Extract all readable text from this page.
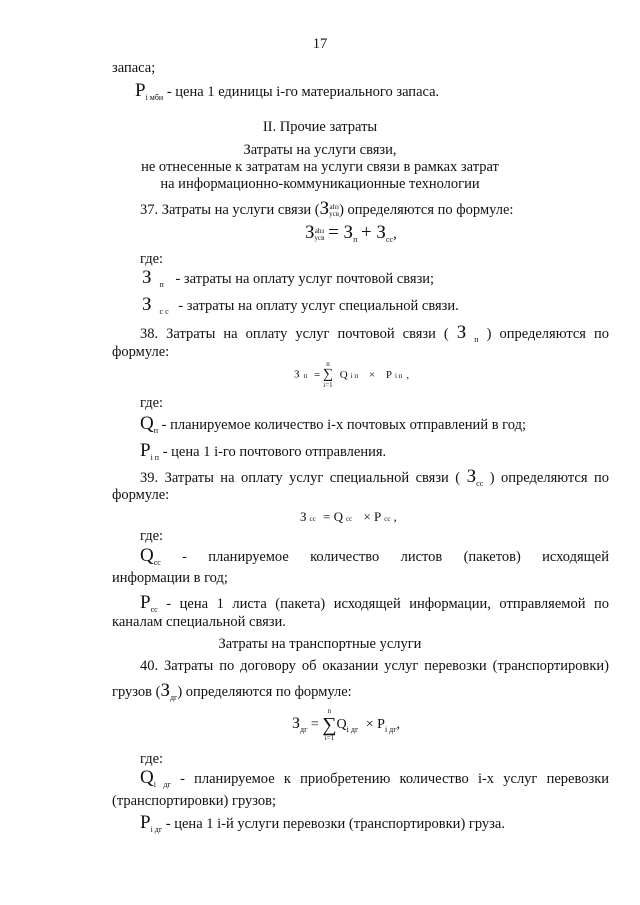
17
запаса;
$P_{i мби}$ - цена 1 единицы i-го материального запаса.
II. Прочие затраты
Затраты на услуги связи,
не отнесенные к затратам на услуги связи в рамках затрат
на информационно-коммуникационные технологии
37. Затраты на услуги связи (З аhз
усв ) определяются по формуле:
З аhз
усв = $З_п + З_{сс}$,
где:
З $_п$ - затраты на оплату услуг почтовой связи;
З $_{с с}$ - затраты на оплату услуг специальной связи.
38. Затраты на оплату услуг почтовой связи ( З $_п$ ) определяются по
формуле:
Зп =
n
∑
i=1
Q i п × P i п ,
где:
$Q_п$ - планируемое количество i-х почтовых отправлений в год;
$P_{i п}$ - цена 1 i-го почтового отправления.
39. Затраты на оплату услуг специальной связи ( $З_{сс}$ ) определяются по
формуле:
Зсс = Q сс × P сс ,
где:
$Q_{сс}$ - планируемое количество листов (пакетов) исходящей
информации в год;
$P_{сс}$ - цена 1 листа (пакета) исходящей информации, отправляемой по
каналам специальной связи.
Затраты на транспортные услуги
40. Затраты по договору об оказании услуг перевозки (транспортировки)
грузов $(З_{дг})$ определяются по формуле:
$З_{дг}$ =
n
∑
i=1
$Q_{i дг} \times P_{i дг}$,
где:
$Q_{i дг}$ - планируемое к приобретению количество i-х услуг перевозки
(транспортировки) грузов;
$P_{i дг}$ - цена 1 i-й услуги перевозки (транспортировки) груза.
